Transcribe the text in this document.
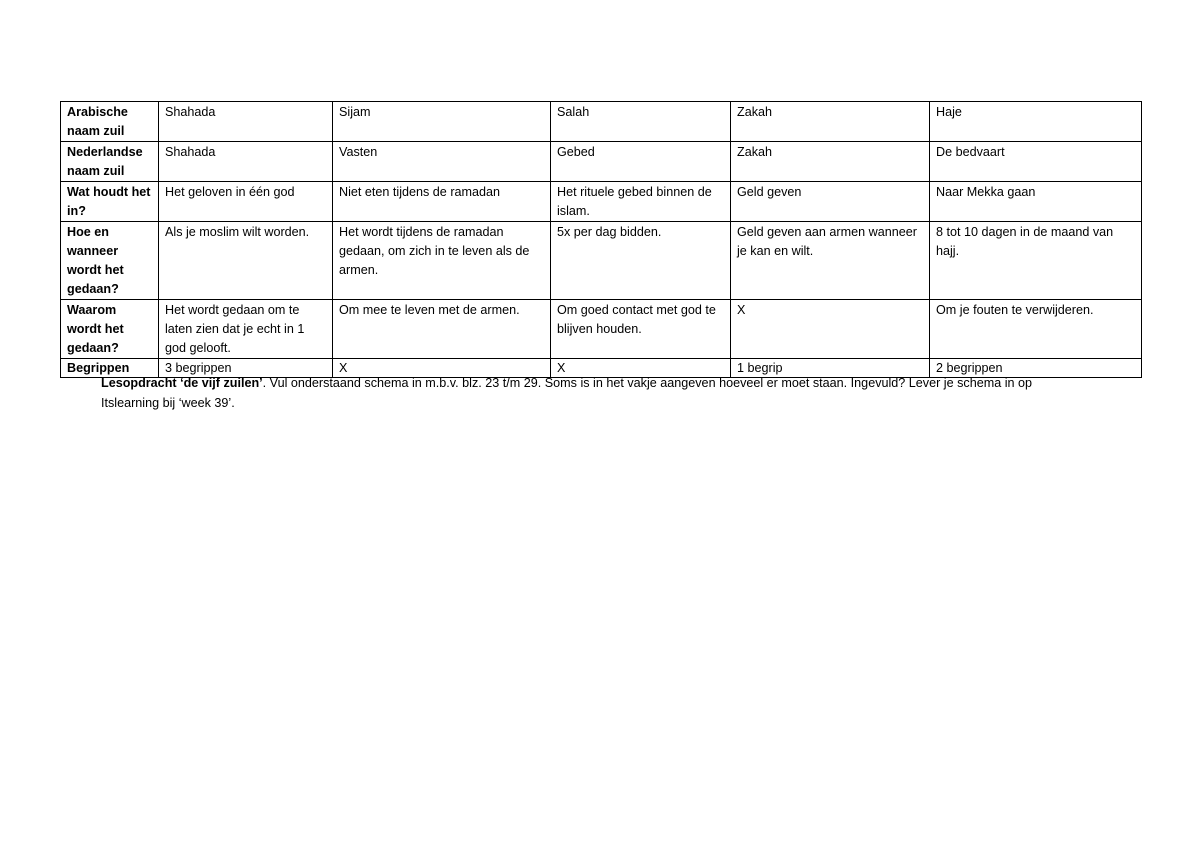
Arabische naam zuil	Shahada	Sijam	Salah	Zakah	Haje
Nederlandse naam zuil	Shahada	Vasten	Gebed	Zakah	De bedvaart
Wat houdt het in?	Het geloven in één god	Niet eten tijdens de ramadan	Het rituele gebed binnen de islam.	Geld geven	Naar Mekka gaan
Hoe en wanneer wordt het gedaan?	Als je moslim wilt worden.	Het wordt tijdens de ramadan gedaan, om zich in te leven als de armen.	5x per dag bidden.	Geld geven aan armen wanneer je kan en wilt.	8 tot 10 dagen in de maand van hajj.
Waarom wordt het gedaan?	Het wordt gedaan om te laten zien dat je echt in 1 god gelooft.	Om mee te leven met de armen.	Om goed contact met god te blijven houden.	X	Om je fouten te verwijderen.
Begrippen	3 begrippen	X	X	1 begrip	2 begrippen
Lesopdracht ‘de vijf zuilen’. Vul onderstaand schema in m.b.v. blz. 23 t/m 29. Soms is in het vakje aangeven hoeveel er moet staan. Ingevuld? Lever je schema in op Itslearning bij ‘week 39’.
